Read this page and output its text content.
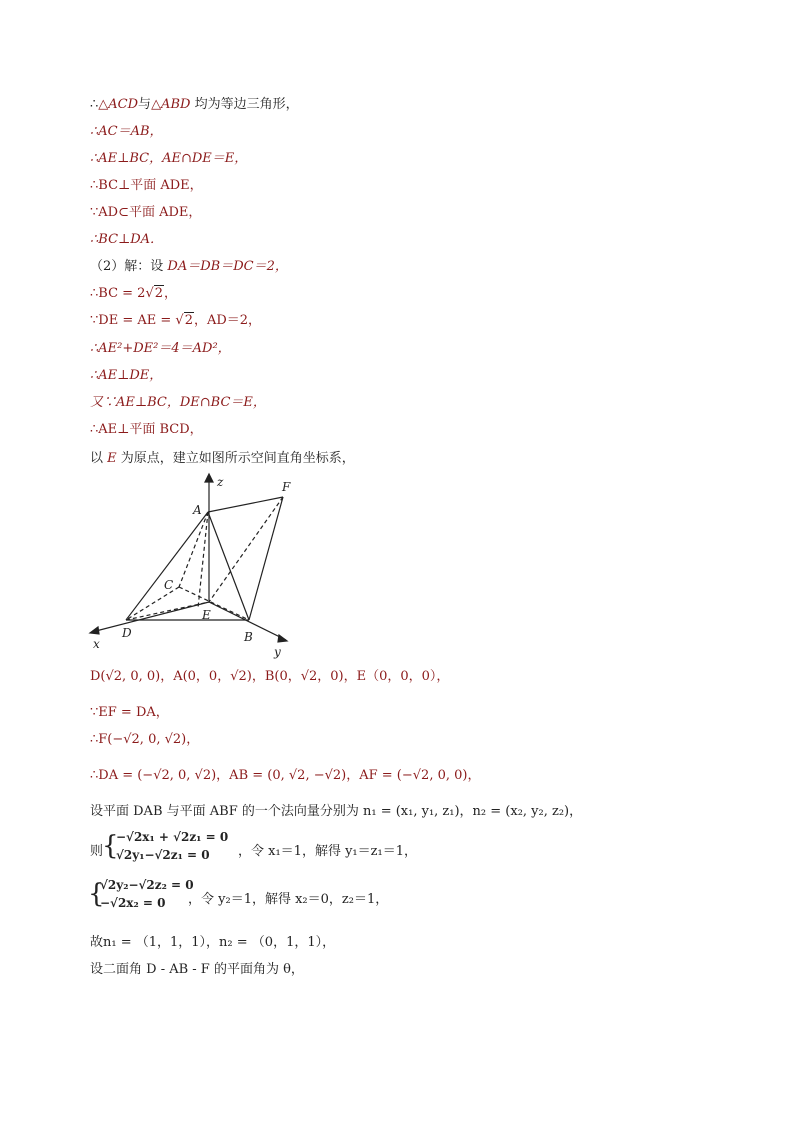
∴△ACD与△ABD 均为等边三角形，
∴AC＝AB，
∴AE⊥BC，AE∩DE＝E，
∴BC⊥平面 ADE，
∵AD⊂平面 ADE，
∴BC⊥DA．
（2）解：设 DA＝DB＝DC＝2，
∴BC = 2√2，
∵DE = AE = √2，AD＝2，
∴AE²+DE²＝4＝AD²，
∴AE⊥DE，
又∵AE⊥BC，DE∩BC＝E，
∴AE⊥平面 BCD，
以 E 为原点，建立如图所示空间直角坐标系，
z	F
A
C
E
D	B
x
y
D(√2, 0, 0)，A(0，0，√2)，B(0，√2，0)，E（0，0，0），
∵EF = DA，
∴F(−√2, 0, √2)，
∴DA = (−√2, 0, √2)，AB = (0, √2, −√2)，AF = (−√2, 0, 0)，
设平面 DAB 与平面 ABF 的一个法向量分别为 n₁ = (x₁, y₁, z₁)，n₂ = (x₂, y₂, z₂)，
则
{
−√2x₁ + √2z₁ = 0
√2y₁−√2z₁ = 0 ，令 x₁＝1，解得 y₁＝z₁＝1，
{
√2y₂−√2z₂ = 0
−√2x₂ = 0 ，令 y₂＝1，解得 x₂＝0，z₂＝1，
故n₁ = （1，1，1），n₂ = （0，1，1），
设二面角 D - AB - F 的平面角为 θ，
